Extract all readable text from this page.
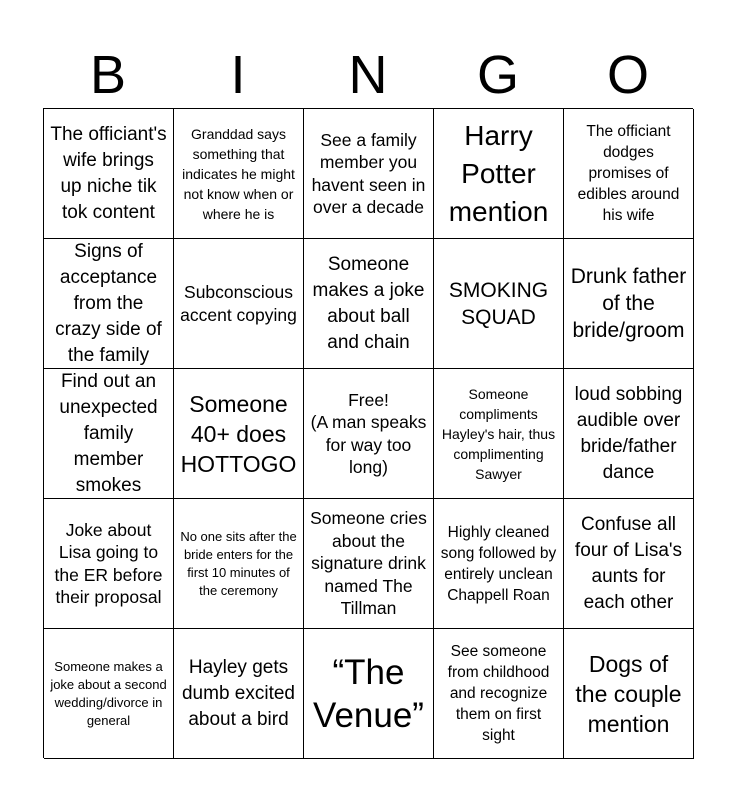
B	I	N	G	O
The officiant's wife brings up niche tik tok content
Granddad says something that indicates he might not know when or where he is
See a family member you havent seen in over a decade
Harry Potter mention
The officiant dodges promises of edibles around his wife
Signs of acceptance from the crazy side of the family
Subconscious accent copying
Someone makes a joke about ball and chain
SMOKING SQUAD
Drunk father of the bride/groom
Find out an unexpected family member smokes
Someone 40+ does HOTTOGO
Free!
(A man speaks for way too long)
Someone compliments Hayley's hair, thus complimenting Sawyer
loud sobbing audible over bride/father dance
Joke about Lisa going to the ER before their proposal
No one sits after the bride enters for the first 10 minutes of the ceremony
Someone cries about the signature drink named The Tillman
Highly cleaned song followed by entirely unclean Chappell Roan
Confuse all four of Lisa's aunts for each other
Someone makes a joke about a second wedding/divorce in general
Hayley gets dumb excited about a bird
“The Venue”
See someone from childhood and recognize them on first sight
Dogs of the couple mention
